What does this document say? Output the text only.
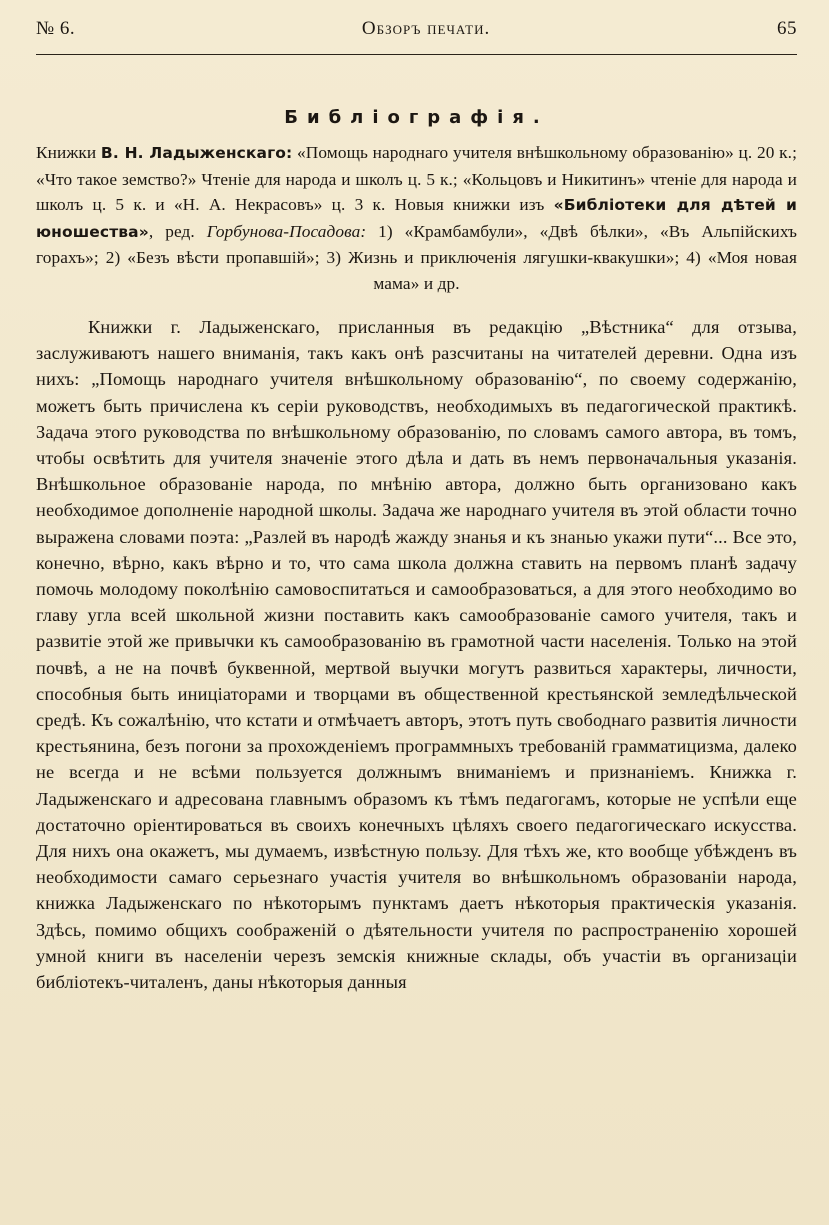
№ 6.	Обзоръ печати.	65
Библіографія.
Книжки В. Н. Ладыженскаго: «Помощь народнаго учителя внѣшкольному образованію» ц. 20 к.; «Что такое земство?» Чтеніе для народа и школъ ц. 5 к.; «Кольцовъ и Никитинъ» чтеніе для народа и школъ ц. 5 к. и «Н. А. Некрасовъ» ц. 3 к. Новыя книжки изъ «Библіотеки для дѣтей и юношества», ред. Горбунова-Посадова: 1) «Крамбамбули», «Двѣ бѣлки», «Въ Альпійскихъ горахъ»; 2) «Безъ вѣсти пропавшій»; 3) Жизнь и приключенія лягушки-квакушки»; 4) «Моя новая мама» и др.

Книжки г. Ладыженскаго, присланныя въ редакцію „Вѣстника“ для отзыва, заслуживаютъ нашего вниманія, такъ какъ онѣ разсчитаны на читателей деревни. Одна изъ нихъ: „Помощь народнаго учителя внѣшкольному образованію“, по своему содержанію, можетъ быть причислена къ серіи руководствъ, необходимыхъ въ педагогической практикѣ. Задача этого руководства по внѣшкольному образованію, по словамъ самого автора, въ томъ, чтобы освѣтить для учителя значеніе этого дѣла и дать въ немъ первоначальныя указанія. Внѣшкольное образованіе народа, по мнѣнію автора, должно быть организовано какъ необходимое дополненіе народной школы. Задача же народнаго учителя въ этой области точно выражена словами поэта: „Разлей въ народѣ жажду знанья и къ знанью укажи пути“... Все это, конечно, вѣрно, какъ вѣрно и то, что сама школа должна ставить на первомъ планѣ задачу помочь молодому поколѣнію самовоспитаться и самообразоваться, а для этого необходимо во главу угла всей школьной жизни поставить какъ самообразованіе самого учителя, такъ и развитіе этой же привычки къ самообразованію въ грамотной части населенія. Только на этой почвѣ, а не на почвѣ буквенной, мертвой выучки могутъ развиться характеры, личности, способныя быть иниціаторами и творцами въ общественной крестьянской земледѣльческой средѣ. Къ сожалѣнію, что кстати и отмѣчаетъ авторъ, этотъ путь свободнаго развитія личности крестьянина, безъ погони за прохожденіемъ программныхъ требованій грамматицизма, далеко не всегда и не всѣми пользуется должнымъ вниманіемъ и признаніемъ. Книжка г. Ладыженскаго и адресована главнымъ образомъ къ тѣмъ педагогамъ, которые не успѣли еще достаточно оріентироваться въ своихъ конечныхъ цѣляхъ своего педагогическаго искусства. Для нихъ она окажетъ, мы думаемъ, извѣстную пользу. Для тѣхъ же, кто вообще убѣжденъ въ необходимости самаго серьезнаго участія учителя во внѣшкольномъ образованіи народа, книжка Ладыженскаго по нѣкоторымъ пунктамъ даетъ нѣкоторыя практическія указанія. Здѣсь, помимо общихъ соображеній о дѣятельности учителя по распространенію хорошей умной книги въ населеніи черезъ земскія книжные склады, объ участіи въ организаціи библіотекъ-читаленъ, даны нѣкоторыя данныя
